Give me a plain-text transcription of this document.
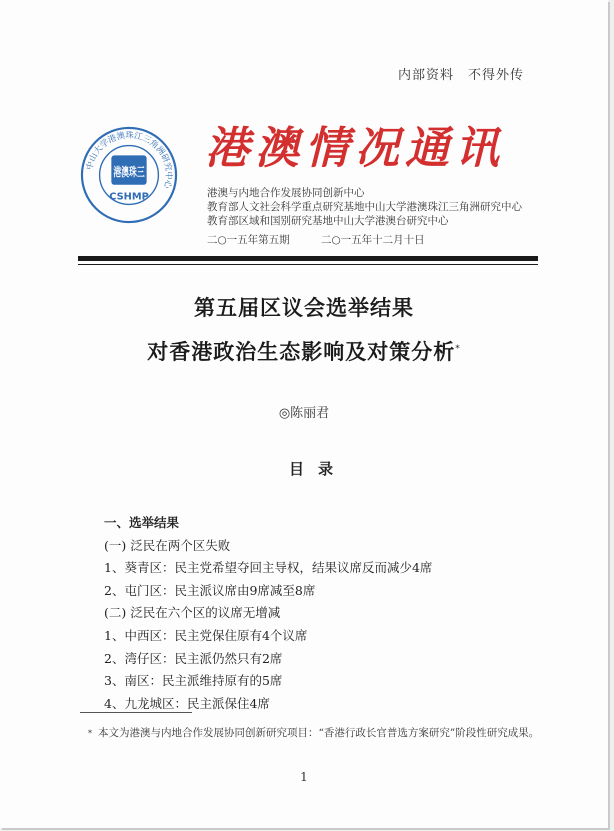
内部资料　不得外传
中山大学港澳珠江三角洲研究中心
港澳珠三
CSHMP
港澳情况通讯
港澳与内地合作发展协同创新中心
教育部人文社会科学重点研究基地中山大学港澳珠江三角洲研究中心
教育部区域和国别研究基地中山大学港澳台研究中心
二○一五年第五期	二○一五年十二月十日
第五届区议会选举结果
对香港政治生态影响及对策分析*
◎陈丽君
目录
一、选举结果
(一) 泛民在两个区失败
1、葵青区：民主党希望夺回主导权，结果议席反而减少4席
2、屯门区：民主派议席由9席减至8席
(二) 泛民在六个区的议席无增减
1、中西区：民主党保住原有4个议席
2、湾仔区：民主派仍然只有2席
3、南区：民主派维持原有的5席
4、九龙城区：民主派保住4席
* 本文为港澳与内地合作发展协同创新研究项目：“香港行政长官普选方案研究”阶段性研究成果。
1
